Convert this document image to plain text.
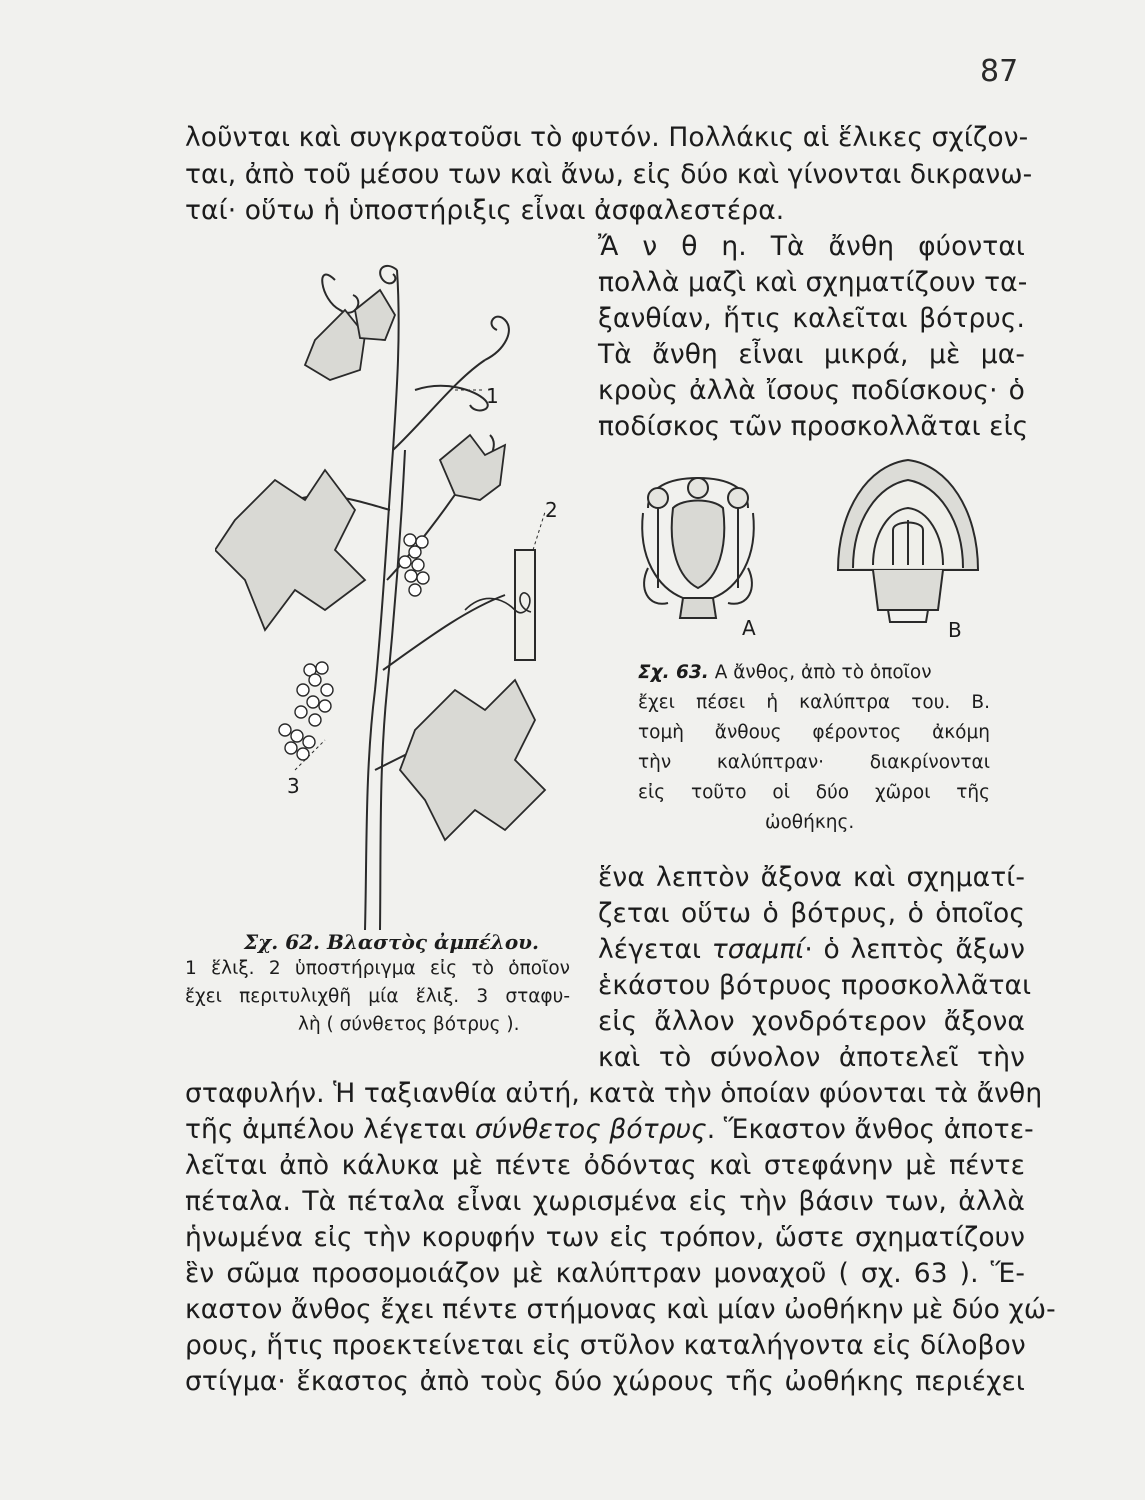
87
λοῦνται καὶ συγκρατοῦσι τὸ φυτόν. Πολλάκις αἱ ἕλικες σχίζον-
ται, ἀπὸ τοῦ μέσου των καὶ ἄνω, εἰς δύο καὶ γίνονται δικρανω-
ταί· οὕτω ἡ ὑποστήριξις εἶναι ἀσφαλεστέρα.
Ἄ ν θ η. Τὰ ἄνθη φύονται
πολλὰ μαζὶ καὶ σχηματίζουν τα-
ξανθίαν, ἥτις καλεῖται βότρυς.
Τὰ ἄνθη εἶναι μικρά, μὲ μα-
κροὺς ἀλλὰ ἴσους ποδίσκους· ὁ
ποδίσκος τῶν προσκολλᾶται εἰς
1
2
3
Α	Β
Σχ. 63. Α ἄνθος, ἀπὸ τὸ ὁποῖον
ἔχει πέσει ἡ καλύπτρα του. Β.
τομὴ ἄνθους φέροντος ἀκόμη
τὴν καλύπτραν· διακρίνονται
εἰς τοῦτο οἱ δύο χῶροι τῆς
ὠοθήκης.
Σχ. 62. Βλαστὸς ἀμπέλου.
1 ἕλιξ. 2 ὑποστήριγμα εἰς τὸ ὁποῖον
ἔχει περιτυλιχθῆ μία ἕλιξ. 3 σταφυ-
λὴ ( σύνθετος βότρυς ).
ἕνα λεπτὸν ἄξονα καὶ σχηματί-
ζεται οὕτω ὁ βότρυς, ὁ ὁποῖος
λέγεται τσαμπί· ὁ λεπτὸς ἄξων
ἑκάστου βότρυος προσκολλᾶται
εἰς ἄλλον χονδρότερον ἄξονα
καὶ τὸ σύνολον ἀποτελεῖ τὴν
σταφυλήν. Ἡ ταξιανθία αὐτή, κατὰ τὴν ὁποίαν φύονται τὰ ἄνθη
τῆς ἀμπέλου λέγεται σύνθετος βότρυς. Ἕκαστον ἄνθος ἀποτε-
λεῖται ἀπὸ κάλυκα μὲ πέντε ὀδόντας καὶ στεφάνην μὲ πέντε
πέταλα. Τὰ πέταλα εἶναι χωρισμένα εἰς τὴν βάσιν των, ἀλλὰ
ἡνωμένα εἰς τὴν κορυφήν των εἰς τρόπον, ὥστε σχηματίζουν
ἓν σῶμα προσομοιάζον μὲ καλύπτραν μοναχοῦ ( σχ. 63 ). Ἕ-
καστον ἄνθος ἔχει πέντε στήμονας καὶ μίαν ὠοθήκην μὲ δύο χώ-
ρους, ἥτις προεκτείνεται εἰς στῦλον καταλήγοντα εἰς δίλοβον
στίγμα· ἕκαστος ἀπὸ τοὺς δύο χώρους τῆς ὠοθήκης περιέχει
